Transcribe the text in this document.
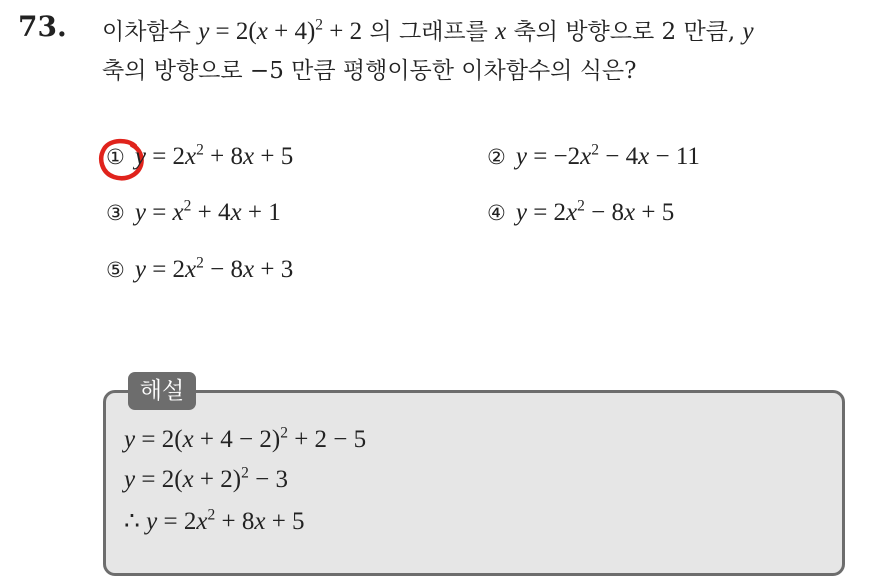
73. 이차함수 $y = 2(x + 4)^2 + 2$ 의 그래프를 x 축의 방향으로 2 만큼, y
축의 방향으로 −5 만큼 평행이동한 이차함수의 식은?
① $y = 2x^2 + 8x + 5$	② $y = -2x^2 - 4x - 11$
③ $y = x^2 + 4x + 1$	④ $y = 2x^2 - 8x + 5$
⑤ $y = 2x^2 - 8x + 3$
해설
$y = 2(x + 4 - 2)^2 + 2 - 5$
$y = 2(x + 2)^2 - 3$
∴ $y = 2x^2 + 8x + 5$
